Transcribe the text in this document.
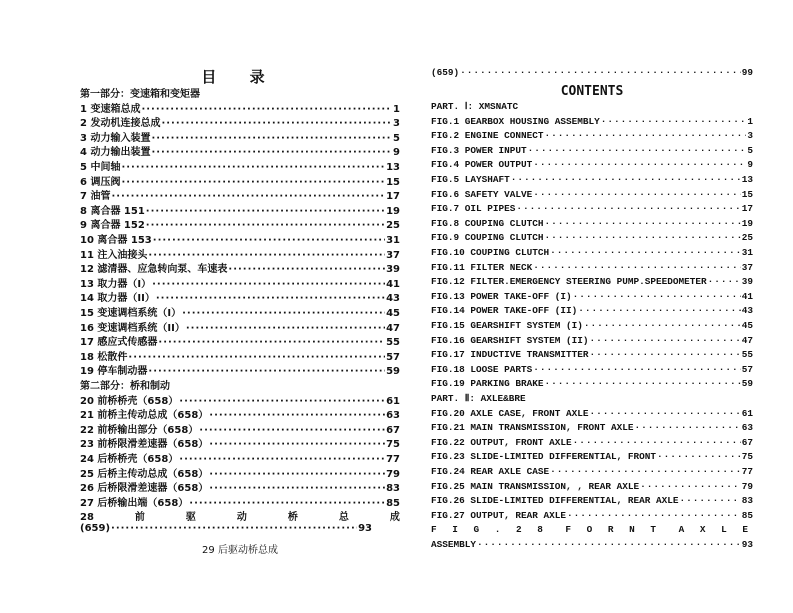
目 录
第一部分：变速箱和变矩器
1 变速箱总成 ·····	1
2 发动机连接总成 ·····	3
3 动力输入装置 ·····	5
4 动力输出装置 ·····	9
5 中间轴 ·····	13
6 调压阀 ·····	15
7 油管 ·····	17
8 离合器 151 ·····	19
9 离合器 152 ·····	25
10 离合器 153 ·····	31
11 注入油接头 ·····	37
12 滤清器、应急转向泵、车速表 ·····	39
13 取力器（I） ·····	41
14 取力器（II） ·····	43
15 变速调档系统（I） ·····	45
16 变速调档系统（II） ·····	47
17 感应式传感器 ·····	55
18 松散件 ·····	57
19 停车制动器 ·····	59
第二部分：桥和制动
20 前桥桥壳（658） ·····	61
21 前桥主传动总成（658） ·····	63
22 前桥输出部分（658） ·····	67
23 前桥限滑差速器（658） ·····	75
24 后桥桥壳（658） ·····	77
25 后桥主传动总成（658） ·····	79
26 后桥限滑差速器（658） ·····	83
27 后桥输出端（658） ·····	85
28	前	驱	动	桥	总	成
(659) ·····	93
29 后驱动桥总成
(659) ·····	99
CONTENTS
PART. Ⅰ: XMSNATC
FIG.1 GEARBOX HOUSING ASSEMBLY ·····	1
FIG.2 ENGINE CONNECT ·····	3
FIG.3 POWER INPUT ·····	5
FIG.4 POWER OUTPUT ·····	9
FIG.5 LAYSHAFT ·····	13
FIG.6 SAFETY VALVE ·····	15
FIG.7 OIL PIPES ·····	17
FIG.8 COUPING CLUTCH ·····	19
FIG.9 COUPING CLUTCH ·····	25
FIG.10 COUPING CLUTCH ·····	31
FIG.11 FILTER NECK ·····	37
FIG.12 FILTER.EMERGENCY STEERING PUMP.SPEEDOMETER ·····	39
FIG.13 POWER TAKE-OFF (I) ·····	41
FIG.14 POWER TAKE-OFF (II) ·····	43
FIG.15 GEARSHIFT SYSTEM (I) ·····	45
FIG.16 GEARSHIFT SYSTEM (II) ·····	47
FIG.17 INDUCTIVE TRANSMITTER ·····	55
FIG.18 LOOSE PARTS ·····	57
FIG.19 PARKING BRAKE ·····	59
PART. Ⅱ: AXLE&BRE
FIG.20 AXLE CASE, FRONT AXLE ·····	61
FIG.21 MAIN TRANSMISSION, FRONT AXLE ·····	63
FIG.22 OUTPUT, FRONT AXLE ·····	67
FIG.23 SLIDE-LIMITED DIFFERENTIAL, FRONT ·····	75
FIG.24 REAR AXLE CASE ·····	77
FIG.25 MAIN TRANSMISSION, , REAR AXLE ·····	79
FIG.26 SLIDE-LIMITED DIFFERENTIAL, REAR AXLE ·····	83
FIG.27 OUTPUT, REAR AXLE ·····	85
F I G . 2 8 F O R N T A X L E
ASSEMBLY ·····	93
